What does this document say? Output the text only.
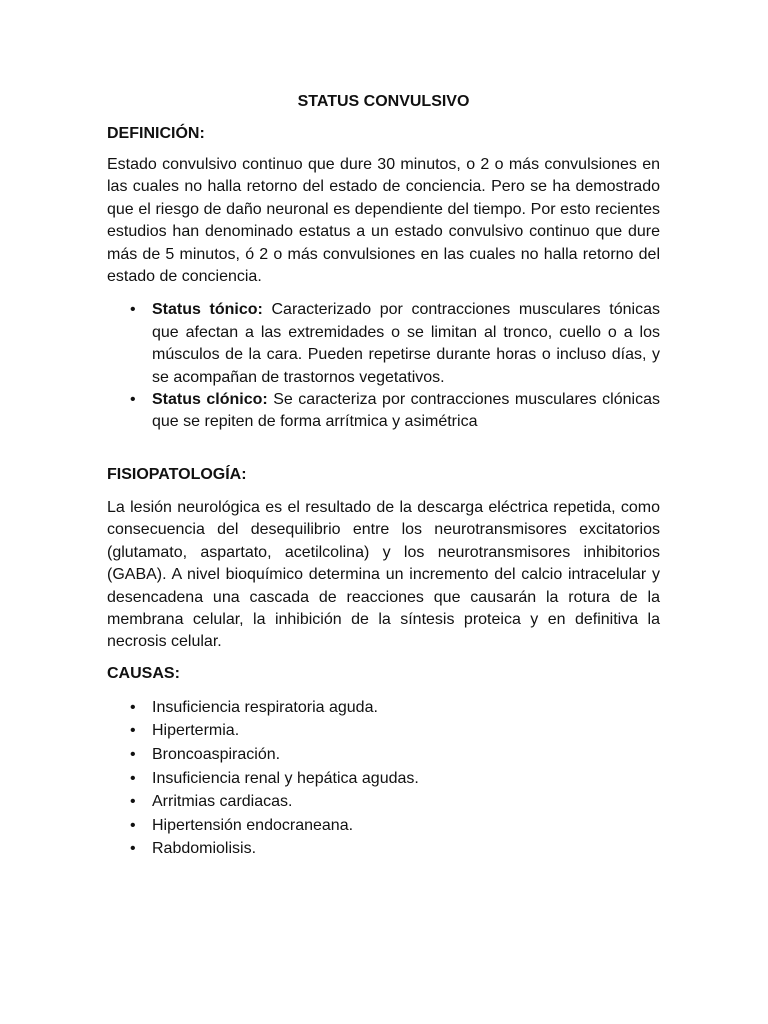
STATUS CONVULSIVO
DEFINICIÓN:

Estado convulsivo continuo que dure 30 minutos, o 2 o más convulsiones en las cuales no halla retorno del estado de conciencia. Pero se ha demostrado que el riesgo de daño neuronal es dependiente del tiempo. Por esto recientes estudios han denominado estatus a un estado convulsivo continuo que dure más de 5 minutos, ó 2 o más convulsiones en las cuales no halla retorno del estado de conciencia.

• Status tónico: Caracterizado por contracciones musculares tónicas que afectan a las extremidades o se limitan al tronco, cuello o a los músculos de la cara. Pueden repetirse durante horas o incluso días, y se acompañan de trastornos vegetativos.
• Status clónico: Se caracteriza por contracciones musculares clónicas que se repiten de forma arrítmica y asimétrica
FISIOPATOLOGÍA:

La lesión neurológica es el resultado de la descarga eléctrica repetida, como consecuencia del desequilibrio entre los neurotransmisores excitatorios (glutamato, aspartato, acetilcolina) y los neurotransmisores inhibitorios (GABA). A nivel bioquímico determina un incremento del calcio intracelular y desencadena una cascada de reacciones que causarán la rotura de la membrana celular, la inhibición de la síntesis proteica y en definitiva la necrosis celular.

CAUSAS:
• Insuficiencia respiratoria aguda.
• Hipertermia.
• Broncoaspiración.
• Insuficiencia renal y hepática agudas.
• Arritmias cardiacas.
• Hipertensión endocraneana.
• Rabdomiolisis.
